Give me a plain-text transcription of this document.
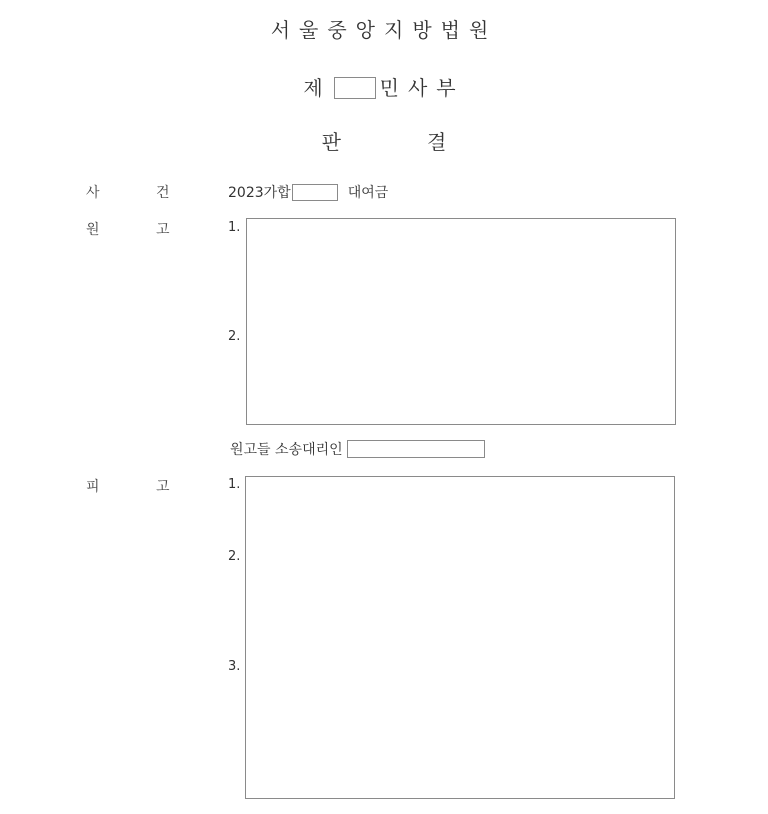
서울중앙지방법원
제 민사부
판	결
사	건	2023가합	대여금
원	고	1.
2.
원고들 소송대리인
피	고	1.
2.
3.
